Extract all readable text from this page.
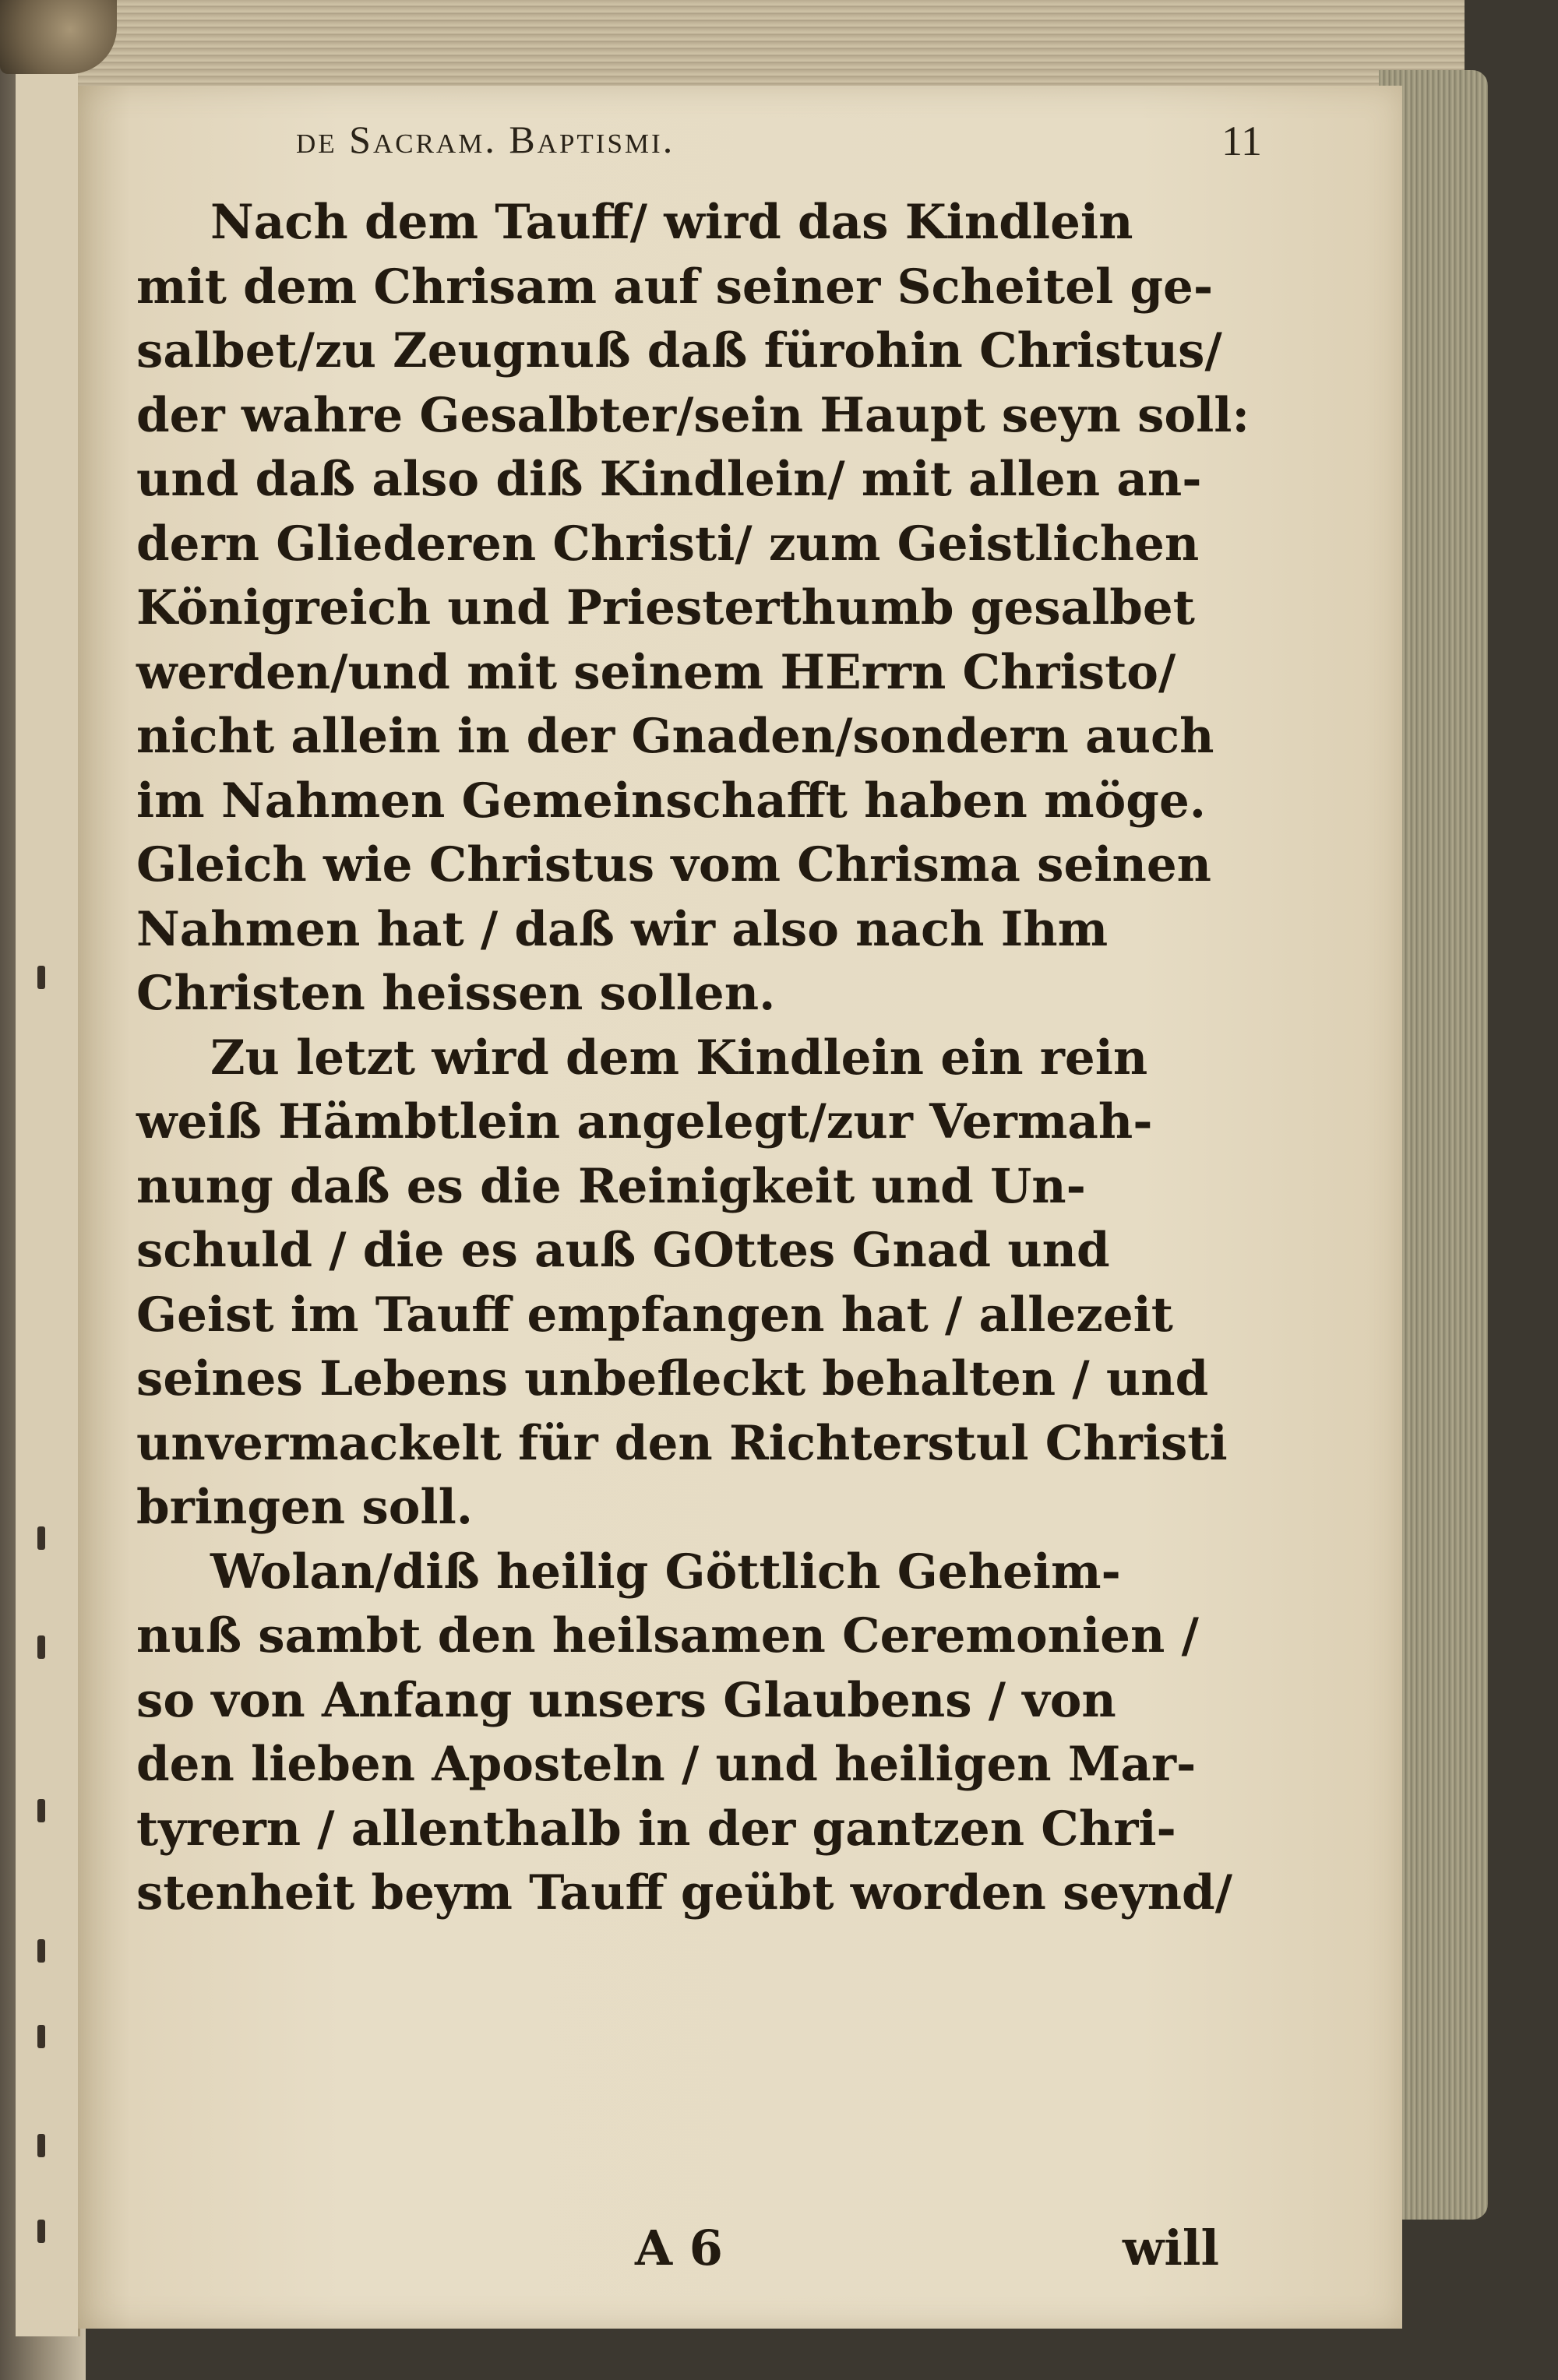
de Sacram. Baptismi.	11
Nach dem Tauff/ wird das Kindlein
mit dem Chrisam auf seiner Scheitel ge-
salbet/zu Zeugnuß daß fürohin Christus/
der wahre Gesalbter/sein Haupt seyn soll:
und daß also diß Kindlein/ mit allen an-
dern Gliederen Christi/ zum Geistlichen
Königreich und Priesterthumb gesalbet
werden/und mit seinem HErrn Christo/
nicht allein in der Gnaden/sondern auch
im Nahmen Gemeinschafft haben möge.
Gleich wie Christus vom Chrisma seinen
Nahmen hat / daß wir also nach Ihm
Christen heissen sollen.
Zu letzt wird dem Kindlein ein rein
weiß Hämbtlein angelegt/zur Vermah-
nung daß es die Reinigkeit und Un-
schuld / die es auß GOttes Gnad und
Geist im Tauff empfangen hat / allezeit
seines Lebens unbefleckt behalten / und
unvermackelt für den Richterstul Christi
bringen soll.
Wolan/diß heilig Göttlich Geheim-
nuß sambt den heilsamen Ceremonien /
so von Anfang unsers Glaubens / von
den lieben Aposteln / und heiligen Mar-
tyrern / allenthalb in der gantzen Chri-
stenheit beym Tauff geübt worden seynd/
A 6	will
